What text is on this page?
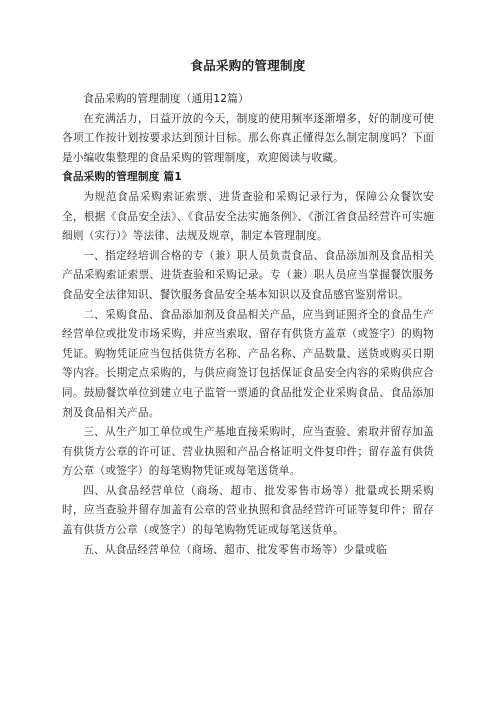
食品采购的管理制度

食品采购的管理制度（通用12篇）

在充满活力，日益开放的今天，制度的使用频率逐渐增多，好的制度可使各项工作按计划按要求达到预计目标。那么你真正懂得怎么制定制度吗？下面是小编收集整理的食品采购的管理制度，欢迎阅读与收藏。

食品采购的管理制度 篇1

为规范食品采购索证索票、进货查验和采购记录行为，保障公众餐饮安全，根据《食品安全法》、《食品安全法实施条例》、《浙江省食品经营许可实施细则（实行）》等法律、法规及规章，制定本管理制度。

一、指定经培训合格的专（兼）职人员负责食品、食品添加剂及食品相关产品采购索证索票、进货查验和采购记录。专（兼）职人员应当掌握餐饮服务食品安全法律知识、餐饮服务食品安全基本知识以及食品感官鉴别常识。

二、采购食品、食品添加剂及食品相关产品，应当到证照齐全的食品生产经营单位或批发市场采购，并应当索取、留存有供货方盖章（或签字）的购物凭证。购物凭证应当包括供货方名称、产品名称、产品数量、送货或购买日期等内容。长期定点采购的，与供应商签订包括保证食品安全内容的采购供应合同。鼓励餐饮单位到建立电子监管一票通的食品批发企业采购食品、食品添加剂及食品相关产品。

三、从生产加工单位或生产基地直接采购时，应当查验、索取并留存加盖有供货方公章的许可证、营业执照和产品合格证明文件复印件；留存盖有供货方公章（或签字）的每笔购物凭证或每笔送货单。

四、从食品经营单位（商场、超市、批发零售市场等）批量或长期采购时，应当查验并留存加盖有公章的营业执照和食品经营许可证等复印件；留存盖有供货方公章（或签字）的每笔购物凭证或每笔送货单。

五、从食品经营单位（商场、超市、批发零售市场等）少量或临
